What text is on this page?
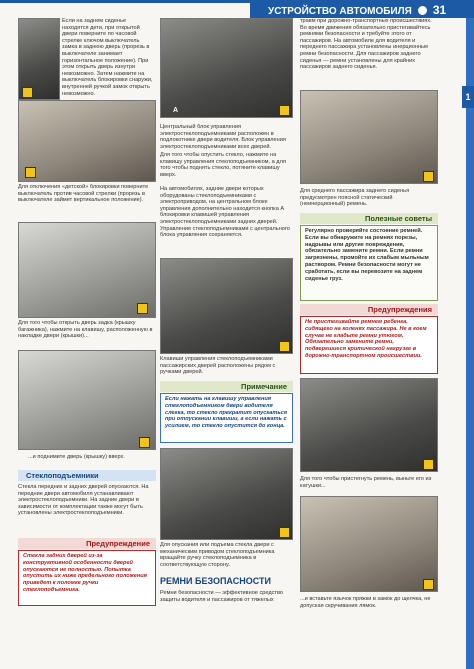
УСТРОЙСТВО АВТОМОБИЛЯ 31
1
Если на заднем сиденье находятся дети, при открытой двери поверните по часовой стрелке ключом выключатель замка в заднюю дверь (прорезь в выключателе занимает горизонтальное положение). При этом открыть дверь изнутри невозможно. Затем нажмите на выключатель блокировки снаружи, внутренней ручкой замок открыть невозможно.
Для отключения «детской» блокировки поверните выключатель против часовой стрелки (прорезь в выключателе займет вертикальное положение).
Для того чтобы открыть дверь задка (крышку багажника), нажмите на клавишу, расположенную в накладке двери (крышки)...
...и поднимите дверь (крышку) вверх.
Стеклоподъемники
Стекла передних и задних дверей опускаются. На передние двери автомобиля устанавливают электростеклоподъемники. На задние двери в зависимости от комплектации также могут быть установлены электростеклоподъемники.
Предупреждение
Стекла задних дверей из-за конструктивной особенности дверей опускаются не полностью. Попытка опустить их ниже предельного положения приведет к поломке ручки стеклоподъемника.
A
Центральный блок управления электростеклоподъемниками расположен в подлокотнике двери водителя. Блок управления электростеклоподъемниками всех дверей.
Для того чтобы опустить стекло, нажмите на клавишу управления стеклоподъемником, а для того чтобы поднять стекло, потяните клавишу вверх.
На автомобилях, задние двери которых оборудованы стеклоподъемниками с электроприводом, на центральном блоке управления дополнительно находится кнопка A блокировки клавишей управления электростеклоподъемниками задних дверей. Управление стеклоподъемниками с центрального блока управления сохраняется.
Клавиши управления стеклоподъемниками пассажирских дверей расположены рядом с ручками дверей.
Примечание
Если нажать на клавишу управления стеклоподъемником двери водителя слегка, то стекло прекратит опускаться при отпускании клавиши, а если нажать с усилием, то стекло опустится до конца.
Для опускания или подъема стекла двери с механическим приводом стеклоподъемника вращайте ручку стеклоподъемника в соответствующую сторону.
РЕМНИ БЕЗОПАСНОСТИ
Ремни безопасности — эффективное средство защиты водителя и пассажиров от тяжелых
травм при дорожно-транспортных происшествиях. Во время движения обязательно пристегивайтесь ремнями безопасности и требуйте этого от пассажиров. На автомобиле для водителя и переднего пассажира установлены инерционные ремни безопасности. Для пассажиров заднего сиденья — ремни установлены для крайних пассажиров заднего сиденья.
Для среднего пассажира заднего сиденья предусмотрен поясной статический (неинерционный) ремень.
Полезные советы
Регулярно проверяйте состояние ремней. Если вы обнаружите на ремнях порезы, надрывы или другие повреждения, обязательно замените ремни. Если ремни загрязнены, промойте их слабым мыльным раствором. Ремни безопасности могут не сработать, если вы перевозите на заднем сиденье груз.
Предупреждения
Не пристегивайте ремнем ребенка, сидящего на коленях пассажира. Не в коем случае не гладьте ремни утюгом. Обязательно замените ремни, подвергшиеся критической нагрузке в дорожно-транспортном происшествии.
Для того чтобы пристегнуть ремень, выньте его из катушки...
...и вставьте язычок пряжки в замок до щелчка, не допуская скручивания лямок.
